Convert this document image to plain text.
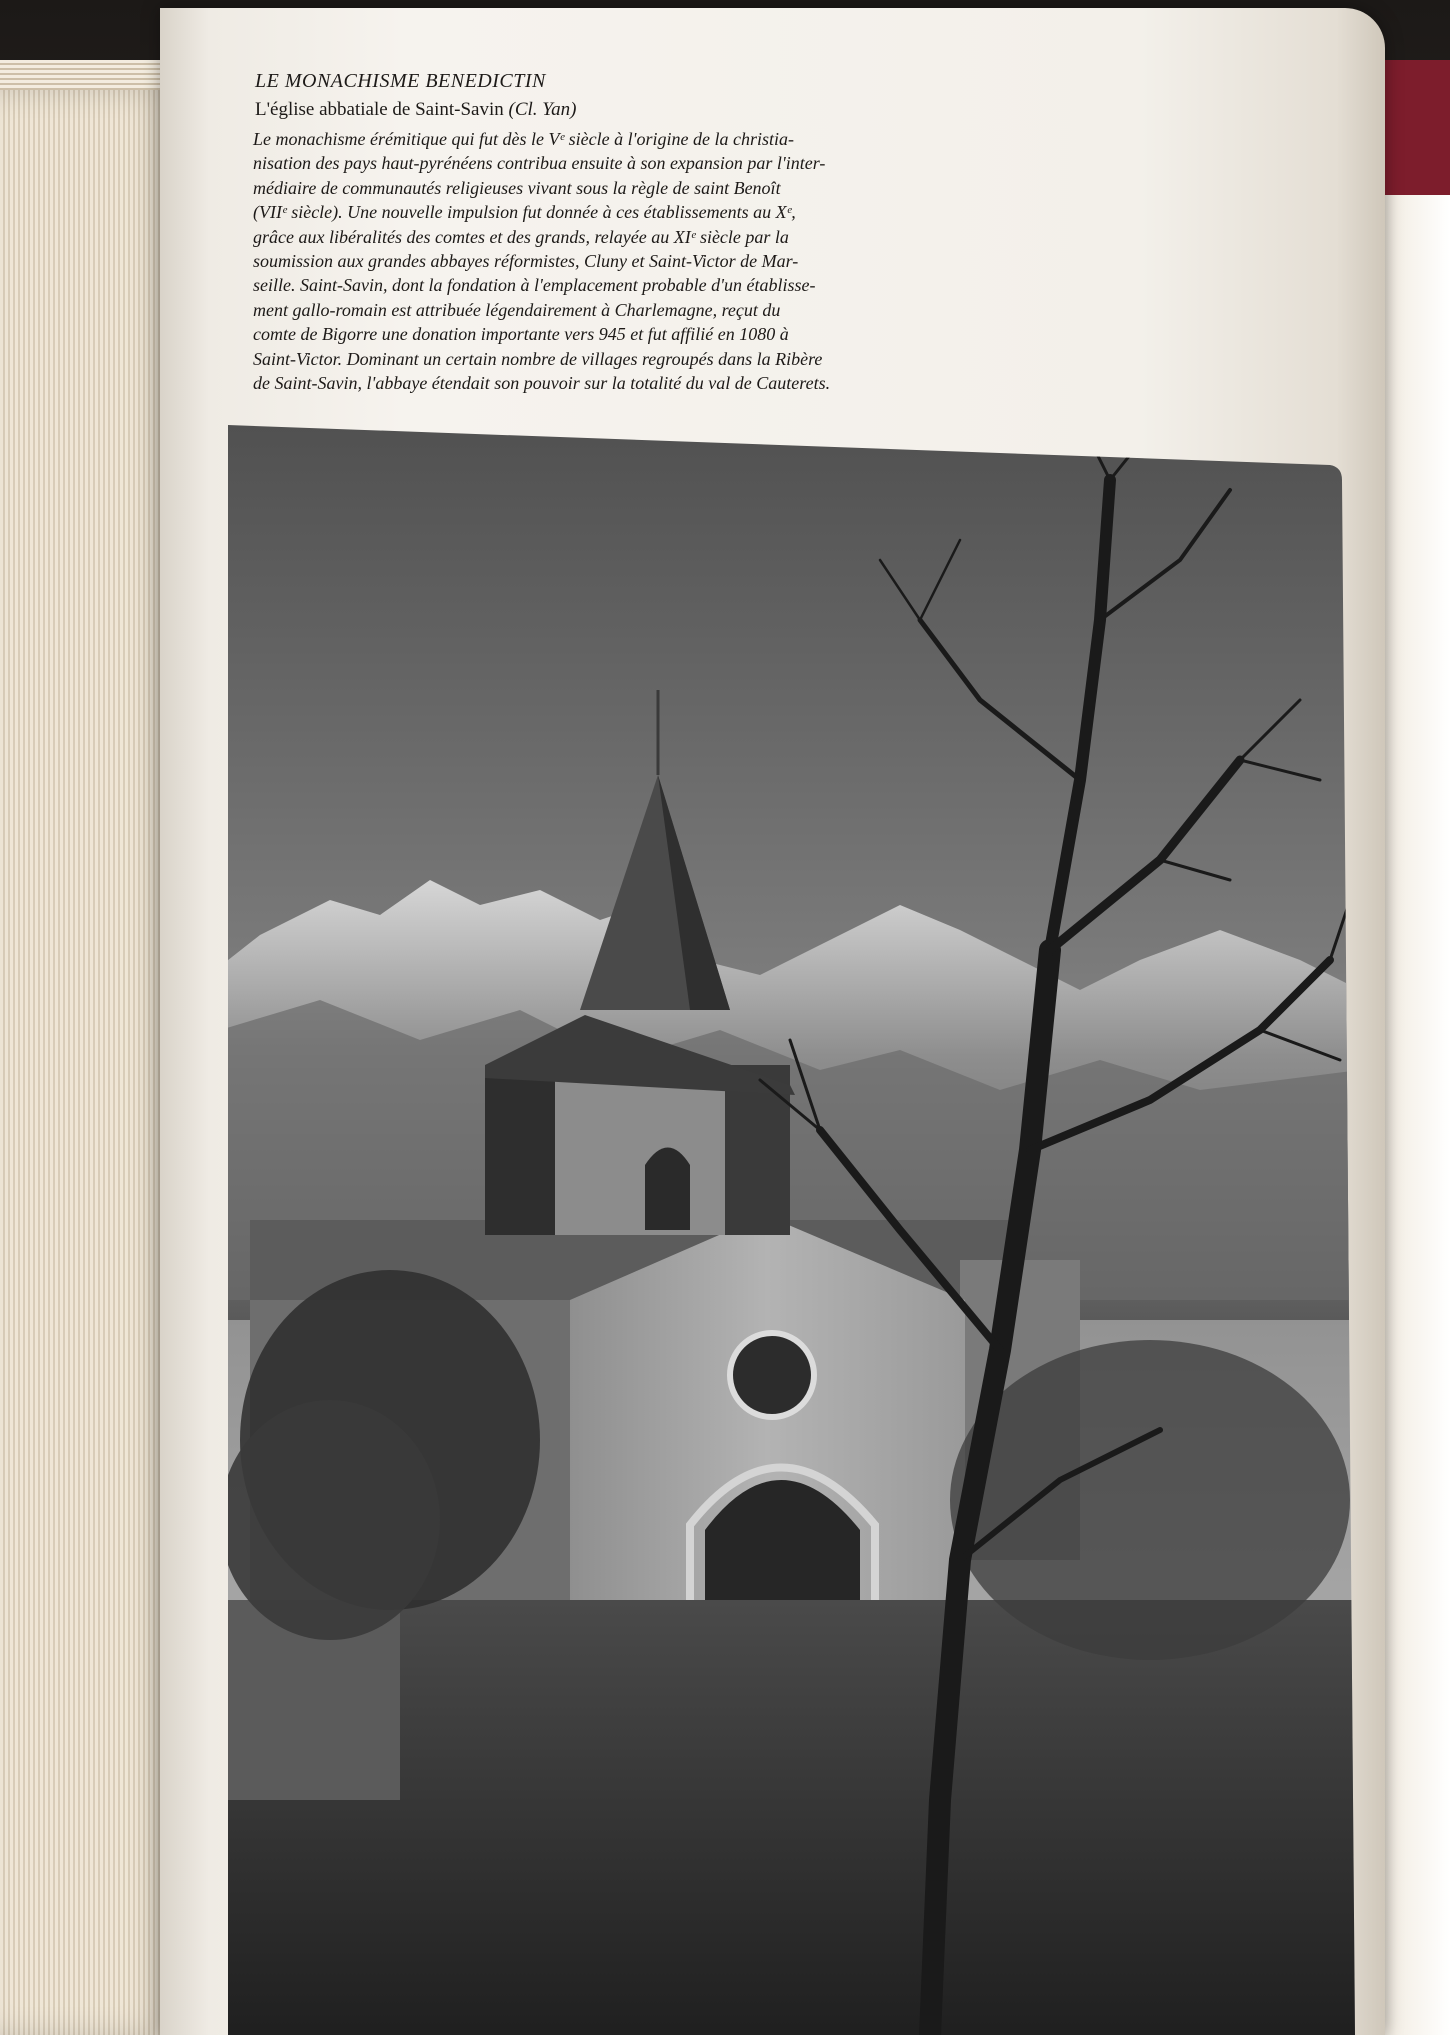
LE MONACHISME BENEDICTIN
L'église abbatiale de Saint-Savin (Cl. Yan)

Le monachisme érémitique qui fut dès le Vᵉ siècle à l'origine de la christia-

nisation des pays haut-pyrénéens contribua ensuite à son expansion par l'inter-

médiaire de communautés religieuses vivant sous la règle de saint Benoît

(VIIᵉ siècle). Une nouvelle impulsion fut donnée à ces établissements au Xᵉ,

grâce aux libéralités des comtes et des grands, relayée au XIᵉ siècle par la

soumission aux grandes abbayes réformistes, Cluny et Saint-Victor de Mar-

seille. Saint-Savin, dont la fondation à l'emplacement probable d'un établisse-

ment gallo-romain est attribuée légendairement à Charlemagne, reçut du

comte de Bigorre une donation importante vers 945 et fut affilié en 1080 à

Saint-Victor. Dominant un certain nombre de villages regroupés dans la Ribère

de Saint-Savin, l'abbaye étendait son pouvoir sur la totalité du val de Cauterets.
